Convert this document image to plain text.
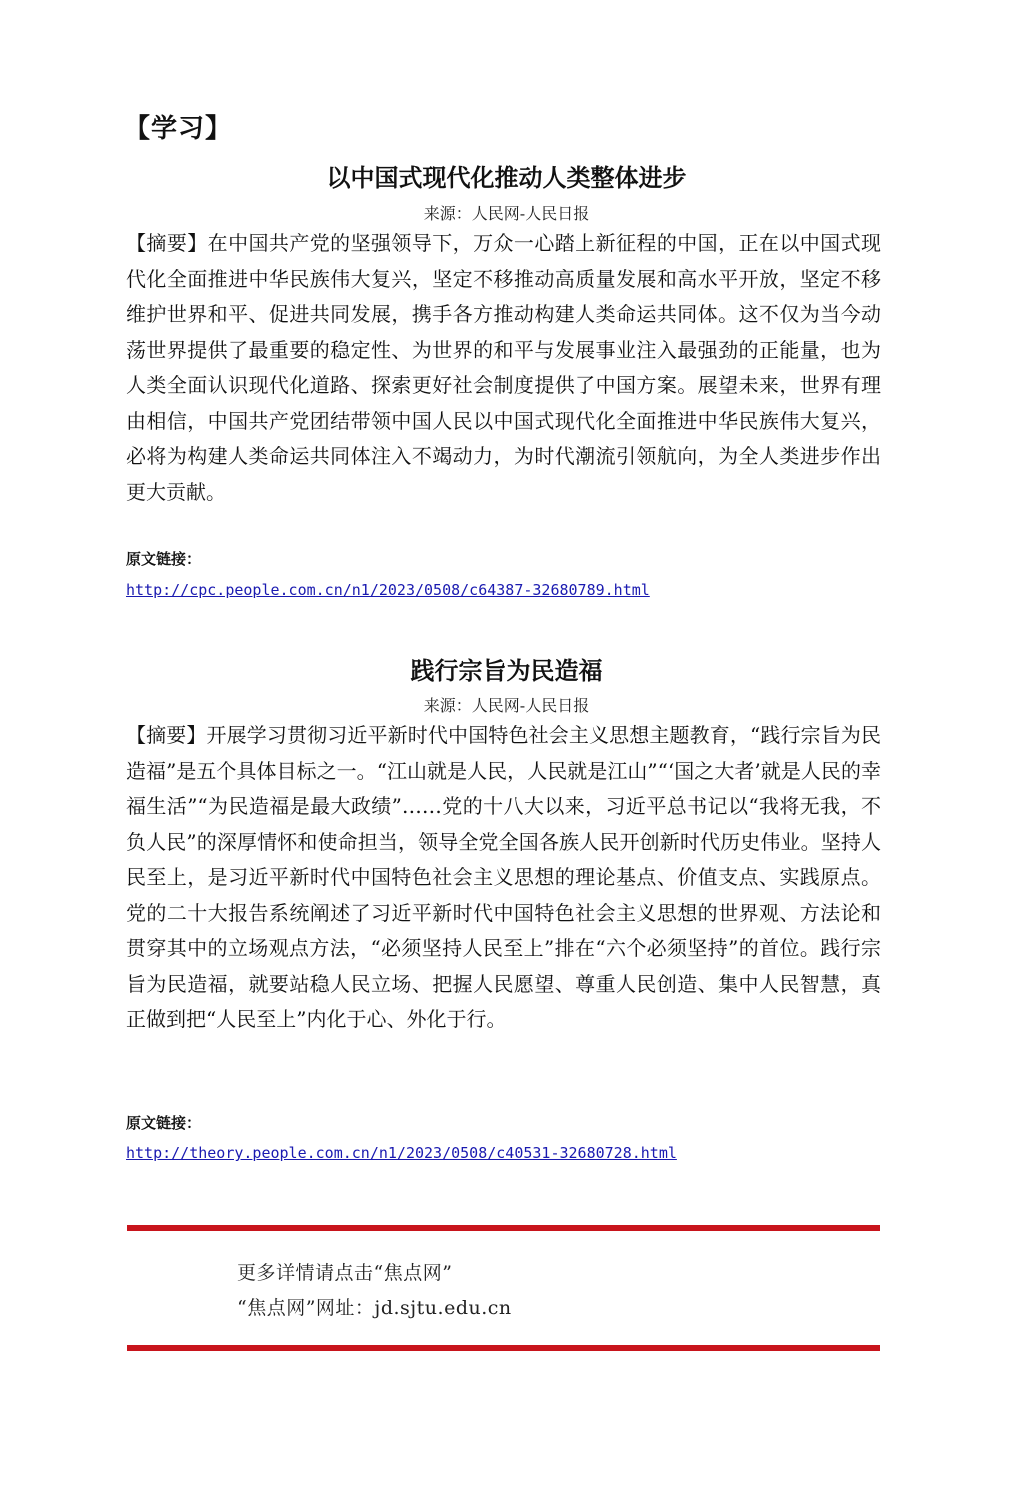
【学习】
以中国式现代化推动人类整体进步
来源：人民网-人民日报
【摘要】在中国共产党的坚强领导下，万众一心踏上新征程的中国，正在以中国式现代化全面推进中华民族伟大复兴，坚定不移推动高质量发展和高水平开放，坚定不移维护世界和平、促进共同发展，携手各方推动构建人类命运共同体。这不仅为当今动荡世界提供了最重要的稳定性、为世界的和平与发展事业注入最强劲的正能量，也为人类全面认识现代化道路、探索更好社会制度提供了中国方案。展望未来，世界有理由相信，中国共产党团结带领中国人民以中国式现代化全面推进中华民族伟大复兴，必将为构建人类命运共同体注入不竭动力，为时代潮流引领航向，为全人类进步作出更大贡献。
原文链接：
http://cpc.people.com.cn/n1/2023/0508/c64387-32680789.html
践行宗旨为民造福
来源：人民网-人民日报
【摘要】开展学习贯彻习近平新时代中国特色社会主义思想主题教育，“践行宗旨为民造福”是五个具体目标之一。“江山就是人民，人民就是江山”“‘国之大者’就是人民的幸福生活”“为民造福是最大政绩”……党的十八大以来，习近平总书记以“我将无我，不负人民”的深厚情怀和使命担当，领导全党全国各族人民开创新时代历史伟业。坚持人民至上，是习近平新时代中国特色社会主义思想的理论基点、价值支点、实践原点。党的二十大报告系统阐述了习近平新时代中国特色社会主义思想的世界观、方法论和贯穿其中的立场观点方法，“必须坚持人民至上”排在“六个必须坚持”的首位。践行宗旨为民造福，就要站稳人民立场、把握人民愿望、尊重人民创造、集中人民智慧，真正做到把“人民至上”内化于心、外化于行。
原文链接：
http://theory.people.com.cn/n1/2023/0508/c40531-32680728.html
更多详情请点击“焦点网”
“焦点网”网址：jd.sjtu.edu.cn
